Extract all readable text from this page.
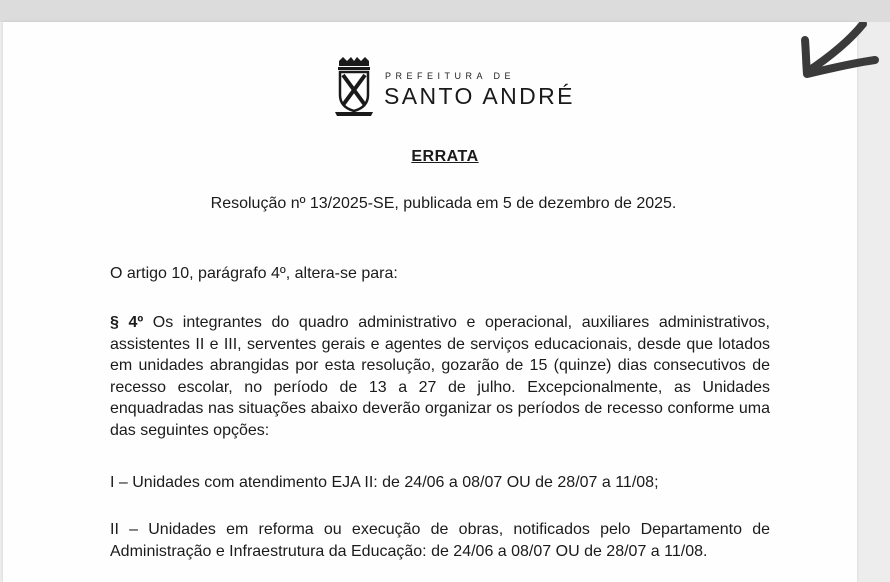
PREFEITURA DE
SANTO ANDRÉ
ERRATA
Resolução nº 13/2025-SE, publicada em 5 de dezembro de 2025.
O artigo 10, parágrafo 4º, altera-se para:
§ 4º Os integrantes do quadro administrativo e operacional, auxiliares administrativos, assistentes II e III, serventes gerais e agentes de serviços educacionais, desde que lotados em unidades abrangidas por esta resolução, gozarão de 15 (quinze) dias consecutivos de recesso escolar, no período de 13 a 27 de julho. Excepcionalmente, as Unidades enquadradas nas situações abaixo deverão organizar os períodos de recesso conforme uma das seguintes opções:
I – Unidades com atendimento EJA II: de 24/06 a 08/07 OU de 28/07 a 11/08;
II – Unidades em reforma ou execução de obras, notificados pelo Departamento de Administração e Infraestrutura da Educação: de 24/06 a 08/07 OU de 28/07 a 11/08.
